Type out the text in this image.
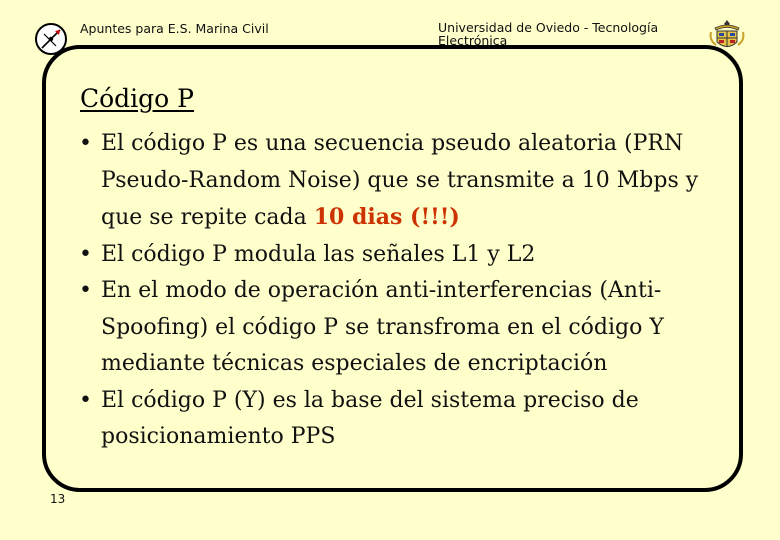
Apuntes para E.S. Marina Civil	Universidad de Oviedo - Tecnología Electrónica
Código P
• El código P es una secuencia pseudo aleatoria (PRN Pseudo-Random Noise) que se transmite a 10 Mbps y que se repite cada 10 dias (!!!)
• El código P modula las señales L1 y L2
• En el modo de operación anti-interferencias (Anti-Spoofing) el código P se transfroma en el código Y mediante técnicas especiales de encriptación
• El código P (Y) es la base del sistema preciso de posicionamiento PPS
13
